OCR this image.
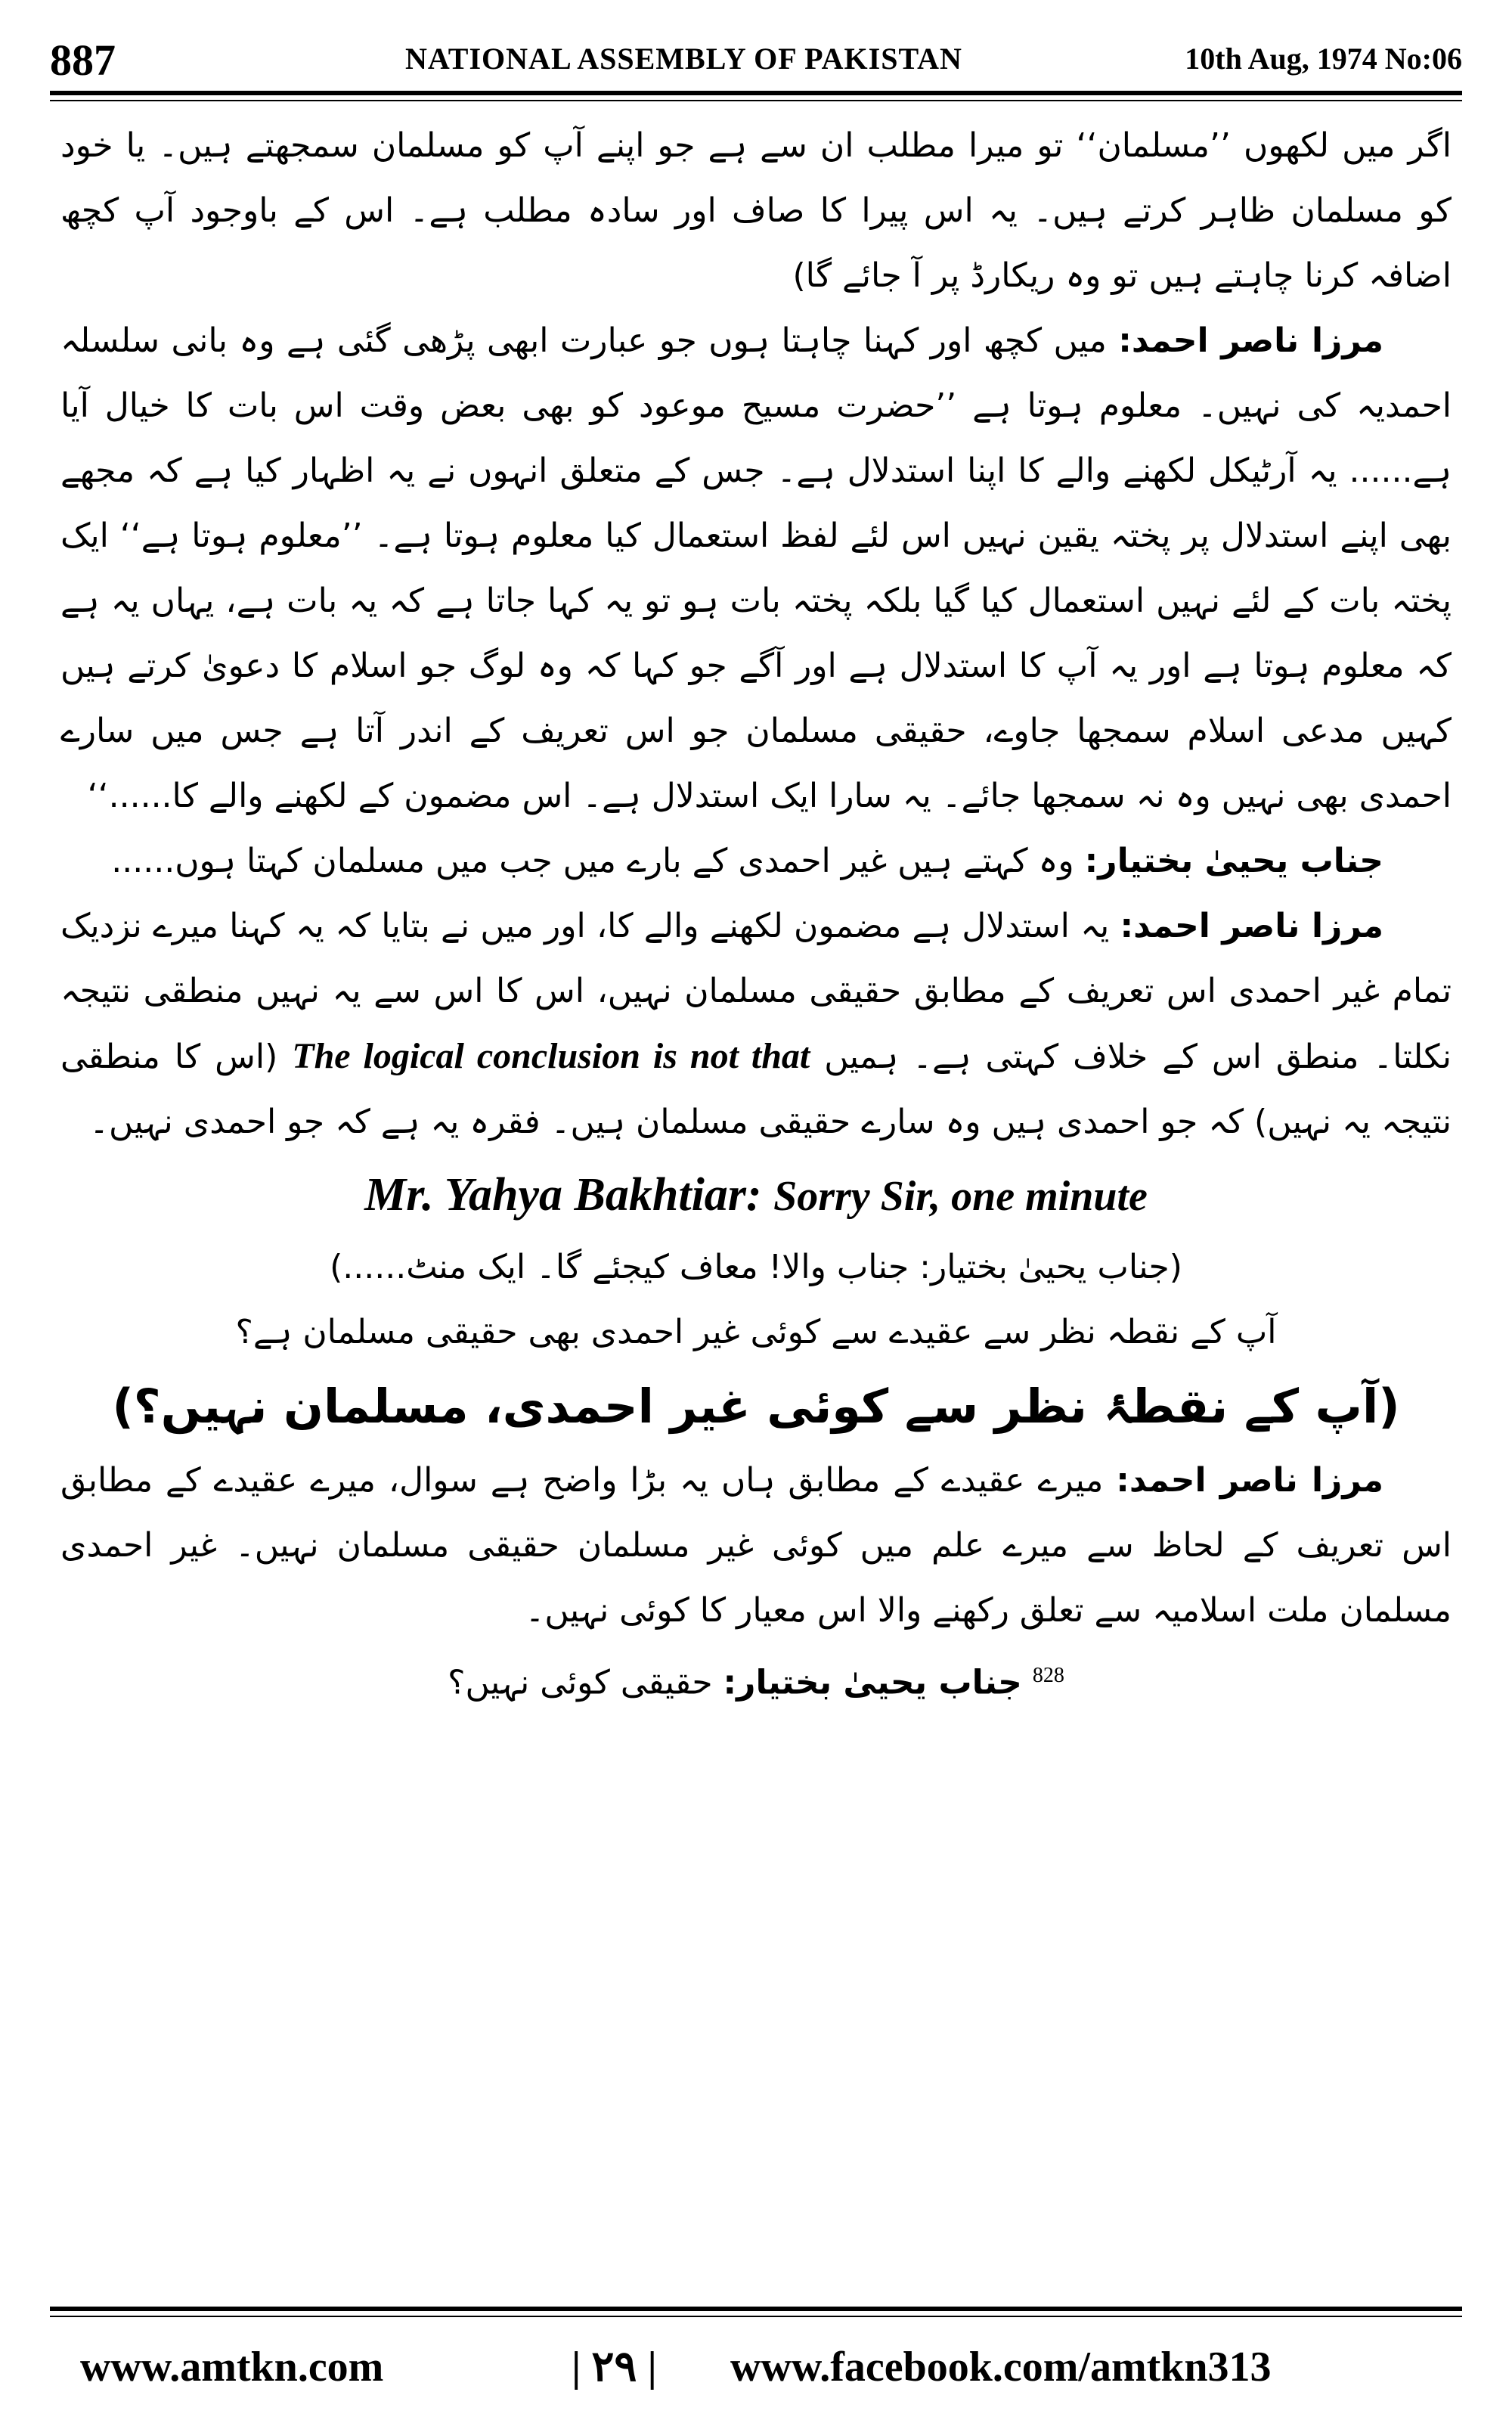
887	NATIONAL ASSEMBLY OF PAKISTAN	10th Aug, 1974 No:06

اگر میں لکھوں ’’مسلمان‘‘ تو میرا مطلب ان سے ہے جو اپنے آپ کو مسلمان سمجھتے ہیں۔ یا خود کو مسلمان ظاہر کرتے ہیں۔ یہ اس پیرا کا صاف اور سادہ مطلب ہے۔ اس کے باوجود آپ کچھ اضافہ کرنا چاہتے ہیں تو وہ ریکارڈ پر آ جائے گا)

مرزا ناصر احمد: میں کچھ اور کہنا چاہتا ہوں جو عبارت ابھی پڑھی گئی ہے وہ بانی سلسلہ احمدیہ کی نہیں۔ معلوم ہوتا ہے ’’حضرت مسیح موعود کو بھی بعض وقت اس بات کا خیال آیا ہے...... یہ آرٹیکل لکھنے والے کا اپنا استدلال ہے۔ جس کے متعلق انہوں نے یہ اظہار کیا ہے کہ مجھے بھی اپنے استدلال پر پختہ یقین نہیں اس لئے لفظ استعمال کیا معلوم ہوتا ہے۔ ’’معلوم ہوتا ہے‘‘ ایک پختہ بات کے لئے نہیں استعمال کیا گیا بلکہ پختہ بات ہو تو یہ کہا جاتا ہے کہ یہ بات ہے، یہاں یہ ہے کہ معلوم ہوتا ہے اور یہ آپ کا استدلال ہے اور آگے جو کہا کہ وہ لوگ جو اسلام کا دعویٰ کرتے ہیں کہیں مدعی اسلام سمجھا جاوے، حقیقی مسلمان جو اس تعریف کے اندر آتا ہے جس میں سارے احمدی بھی نہیں وہ نہ سمجھا جائے۔ یہ سارا ایک استدلال ہے۔ اس مضمون کے لکھنے والے کا......‘‘

جناب یحییٰ بختیار: وہ کہتے ہیں غیر احمدی کے بارے میں جب میں مسلمان کہتا ہوں......

مرزا ناصر احمد: یہ استدلال ہے مضمون لکھنے والے کا، اور میں نے بتایا کہ یہ کہنا میرے نزدیک تمام غیر احمدی اس تعریف کے مطابق حقیقی مسلمان نہیں، اس کا اس سے یہ نہیں منطقی نتیجہ نکلتا۔ منطق اس کے خلاف کہتی ہے۔ ہمیں The logical conclusion is not that (اس کا منطقی نتیجہ یہ نہیں) کہ جو احمدی ہیں وہ سارے حقیقی مسلمان ہیں۔ فقرہ یہ ہے کہ جو احمدی نہیں۔

Mr. Yahya Bakhtiar: Sorry Sir, one minute

(جناب یحییٰ بختیار: جناب والا! معاف کیجئے گا۔ ایک منٹ......)

آپ کے نقطہ نظر سے عقیدے سے کوئی غیر احمدی بھی حقیقی مسلمان ہے؟

(آپ کے نقطۂ نظر سے کوئی غیر احمدی، مسلمان نہیں؟)

مرزا ناصر احمد: میرے عقیدے کے مطابق ہاں یہ بڑا واضح ہے سوال، میرے عقیدے کے مطابق اس تعریف کے لحاظ سے میرے علم میں کوئی غیر مسلمان حقیقی مسلمان نہیں۔ غیر احمدی مسلمان ملت اسلامیہ سے تعلق رکھنے والا اس معیار کا کوئی نہیں۔

$^{828}$ جناب یحییٰ بختیار: حقیقی کوئی نہیں؟

www.amtkn.com	| ۲۹ | www.facebook.com/amtkn313
